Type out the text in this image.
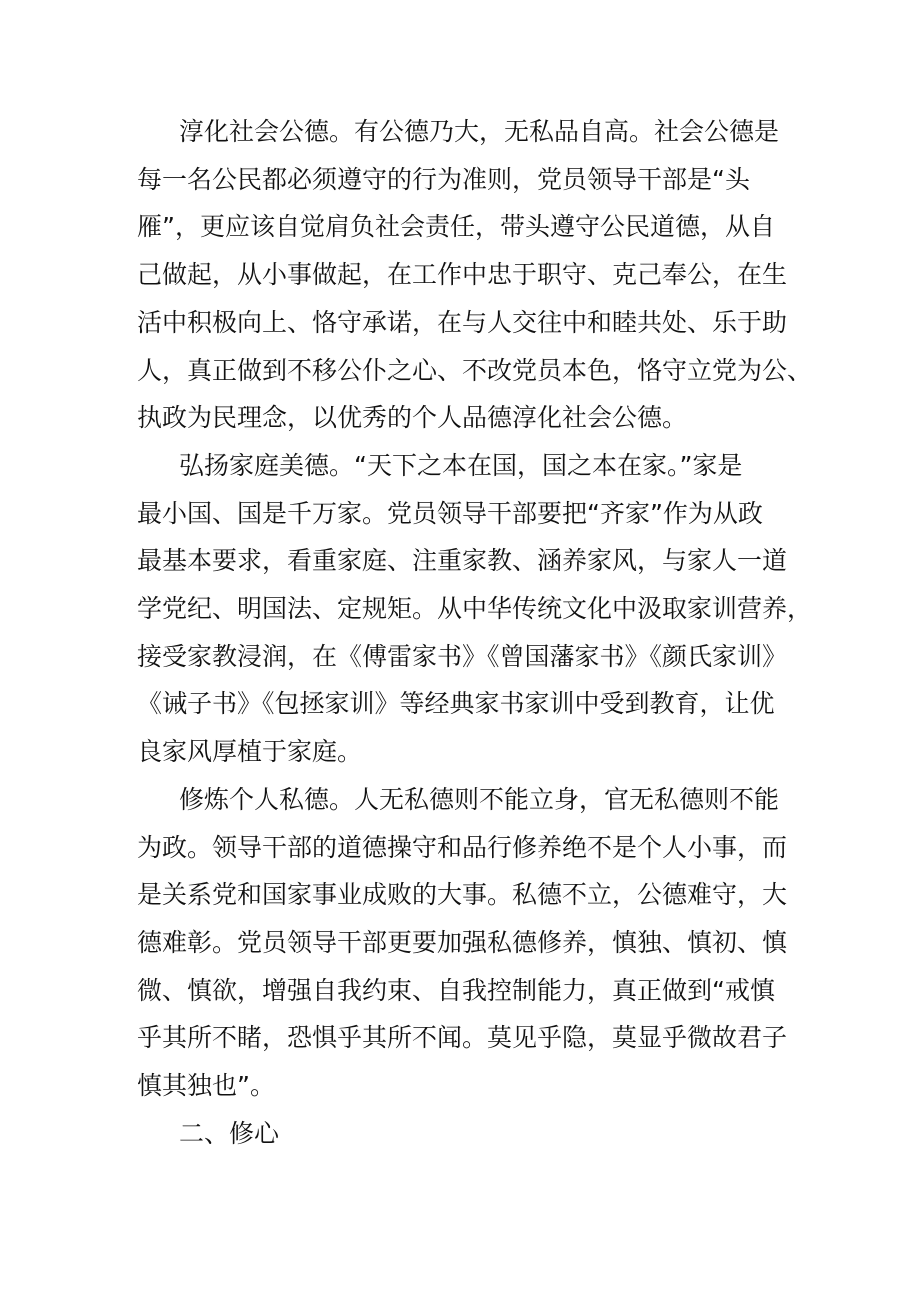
淳化社会公德。有公德乃大，无私品自高。社会公德是
每一名公民都必须遵守的行为准则，党员领导干部是“头
雁”，更应该自觉肩负社会责任，带头遵守公民道德，从自
己做起，从小事做起，在工作中忠于职守、克己奉公，在生
活中积极向上、恪守承诺，在与人交往中和睦共处、乐于助
人，真正做到不移公仆之心、不改党员本色，恪守立党为公、
执政为民理念，以优秀的个人品德淳化社会公德。

弘扬家庭美德。“天下之本在国，国之本在家。”家是
最小国、国是千万家。党员领导干部要把“齐家”作为从政
最基本要求，看重家庭、注重家教、涵养家风，与家人一道
学党纪、明国法、定规矩。从中华传统文化中汲取家训营养，
接受家教浸润，在《傅雷家书》《曾国藩家书》《颜氏家训》
《诫子书》《包拯家训》等经典家书家训中受到教育，让优
良家风厚植于家庭。

修炼个人私德。人无私德则不能立身，官无私德则不能
为政。领导干部的道德操守和品行修养绝不是个人小事，而
是关系党和国家事业成败的大事。私德不立，公德难守，大
德难彰。党员领导干部更要加强私德修养，慎独、慎初、慎
微、慎欲，增强自我约束、自我控制能力，真正做到“戒慎
乎其所不睹，恐惧乎其所不闻。莫见乎隐，莫显乎微故君子
慎其独也”。

二、修心
